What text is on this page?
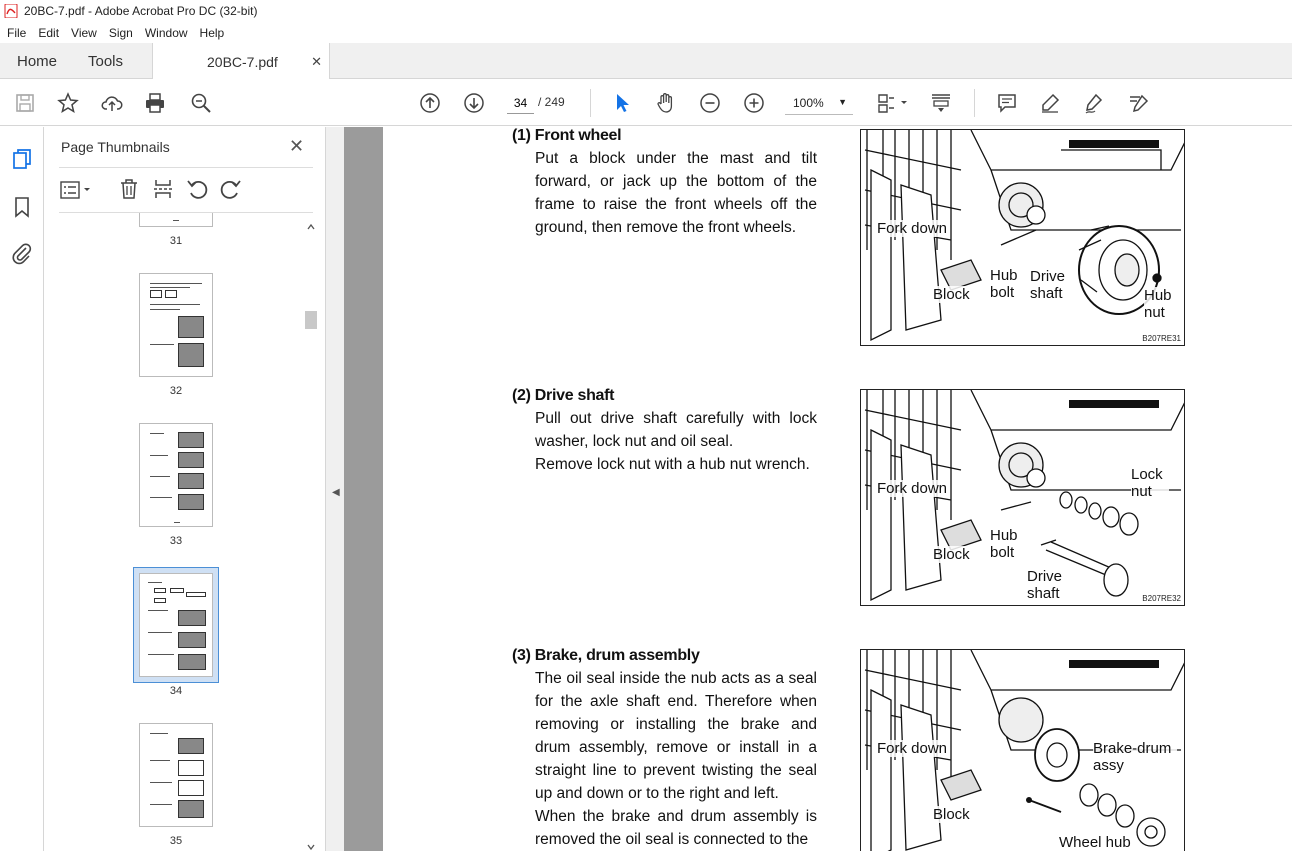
20BC-7.pdf - Adobe Acrobat Pro DC (32-bit)
File	Edit	View	Sign	Window	Help
Home Tools	20BC-7.pdf	✕
34
/ 249	100% ▼
Page Thumbnails	✕
31
32
33
34
35
◀
(1) Front wheel
Put a block under the mast and tilt forward, or jack up the bottom of the frame to raise the front wheels off the ground, then remove the front wheels.	Fork down
Block
Hub bolt
Drive shaft	Hub nut
B207RE31
(2) Drive shaft
Pull out drive shaft carefully with lock washer, lock nut and oil seal.
Remove lock nut with a hub nut wrench.
Fork down
Block
Hub bolt
Lock nut
Drive shaft	B207RE32
(3) Brake, drum assembly
The oil seal inside the nub acts as a seal for the axle shaft end. Therefore when removing or installing the brake and drum assembly, remove or install in a straight line to prevent twisting the seal up and down or to the right and left.
When the brake and drum assembly is removed the oil seal is connected to the
Fork down
Block
Brake-drum assy
Wheel hub
